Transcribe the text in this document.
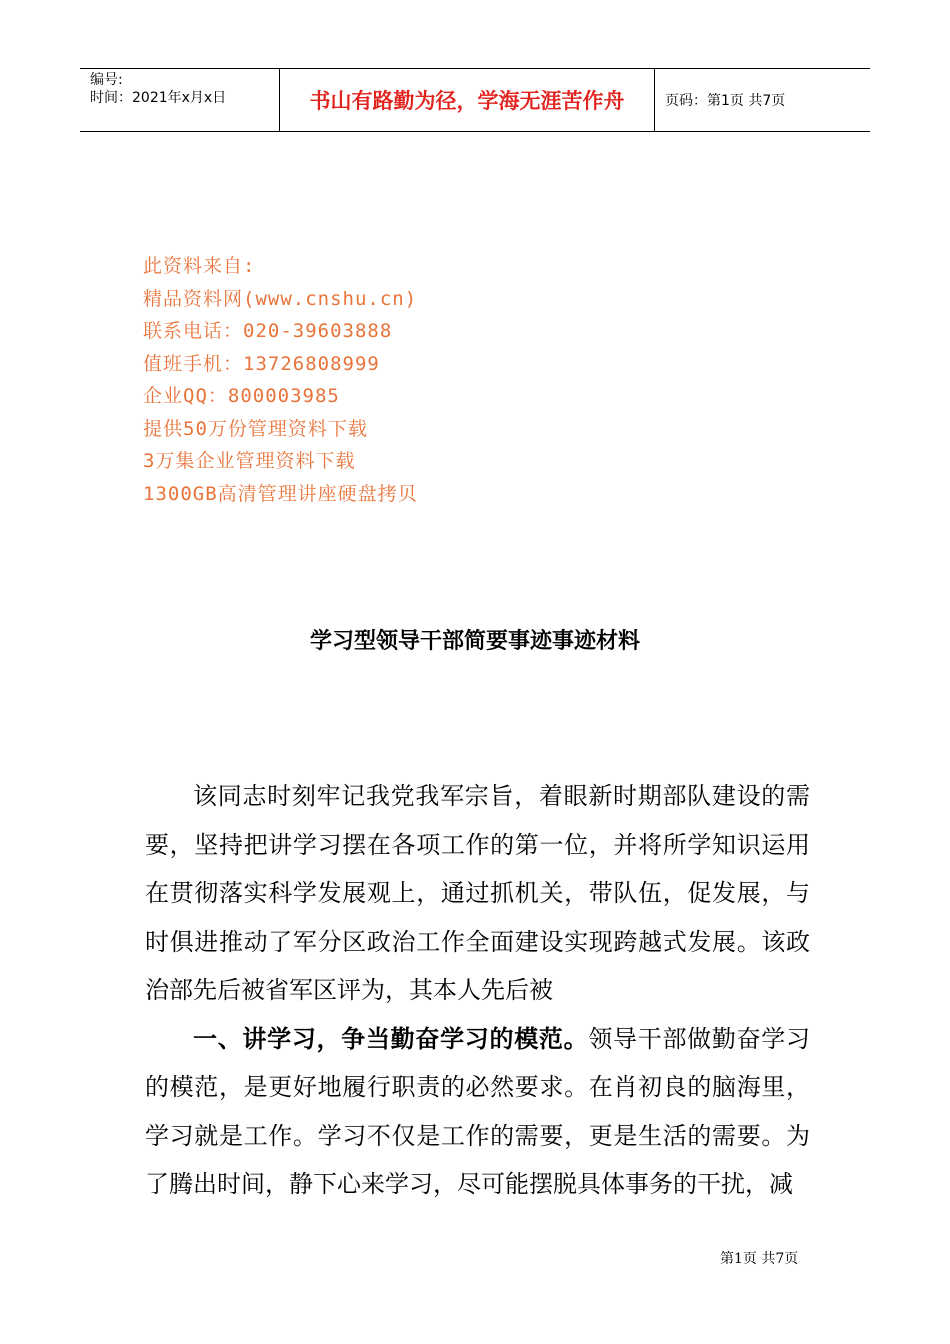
编号:
时间：2021年x月x日	书山有路勤为径，学海无涯苦作舟	页码：第1页 共7页
此资料来自:
精品资料网(www.cnshu.cn)
联系电话：020-39603888
值班手机：13726808999
企业QQ：800003985
提供50万份管理资料下载
3万集企业管理资料下载
1300GB高清管理讲座硬盘拷贝
学习型领导干部简要事迹事迹材料

该同志时刻牢记我党我军宗旨，着眼新时期部队建设的需要，坚持把讲学习摆在各项工作的第一位，并将所学知识运用在贯彻落实科学发展观上，通过抓机关，带队伍，促发展，与时俱进推动了军分区政治工作全面建设实现跨越式发展。该政治部先后被省军区评为，其本人先后被

一、讲学习，争当勤奋学习的模范。领导干部做勤奋学习的模范，是更好地履行职责的必然要求。在肖初良的脑海里，学习就是工作。学习不仅是工作的需要，更是生活的需要。为了腾出时间，静下心来学习，尽可能摆脱具体事务的干扰，减

第1页 共7页
